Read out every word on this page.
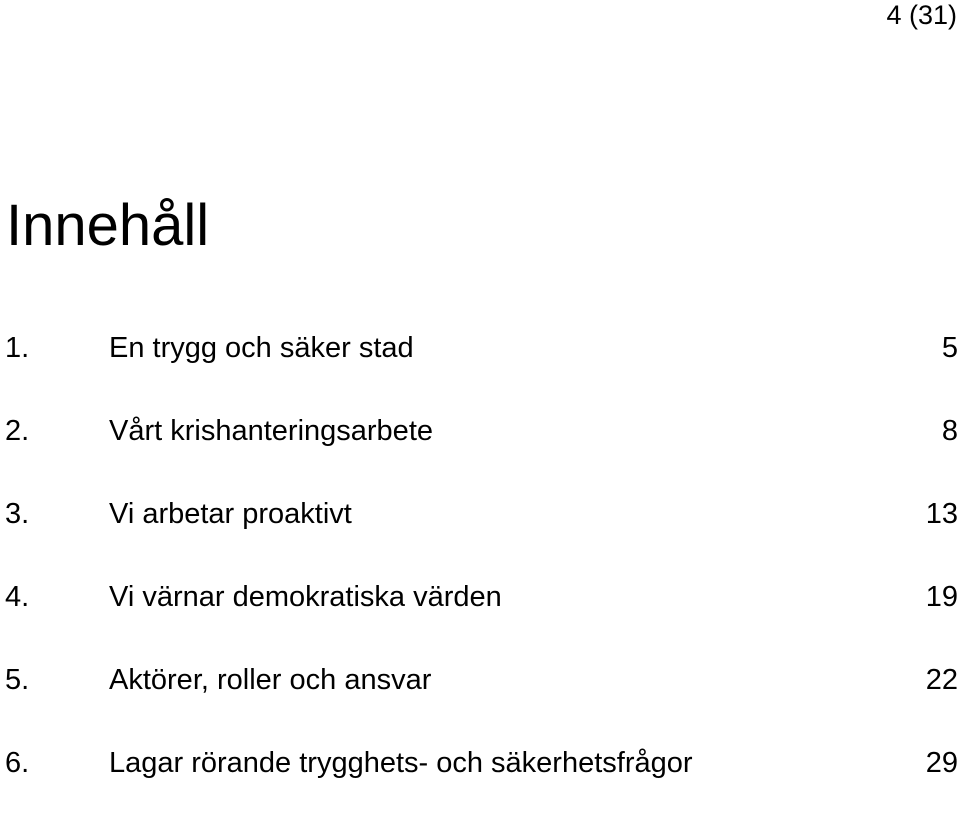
4 (31)
Innehåll
1.	En trygg och säker stad	5
2.	Vårt krishanteringsarbete	8
3.	Vi arbetar proaktivt	13
4.	Vi värnar demokratiska värden	19
5.	Aktörer, roller och ansvar	22
6.	Lagar rörande trygghets- och säkerhetsfrågor	29
